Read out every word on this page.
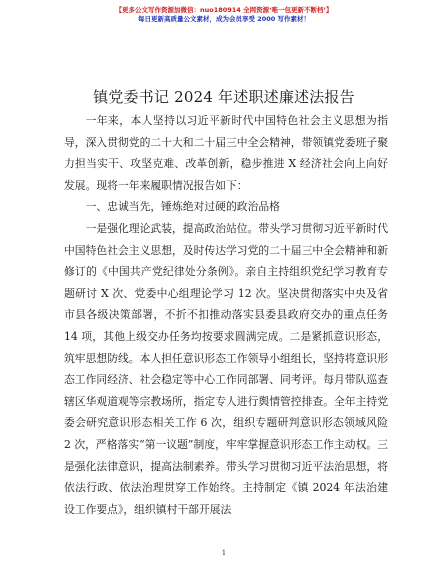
【更多公文写作资源加微信：nuo180914 全网资源‘唯一包更新不断档’】
每日更新高质量公文素材，成为会员享受 2000 写作素材！
镇党委书记 2024 年述职述廉述法报告

一年来，本人坚持以习近平新时代中国特色社会主义思想为指导，深入贯彻党的二十大和二十届三中全会精神，带领镇党委班子聚力担当实干、攻坚克难、改革创新，稳步推进 X 经济社会向上向好发展。现将一年来履职情况报告如下：

一、忠诚当先，锤炼绝对过硬的政治品格

一是强化理论武装，提高政治站位。带头学习贯彻习近平新时代中国特色社会主义思想，及时传达学习党的二十届三中全会精神和新修订的《中国共产党纪律处分条例》。亲自主持组织党纪学习教育专题研讨 X 次、党委中心组理论学习 12 次。坚决贯彻落实中央及省市县各级决策部署，不折不扣推动落实县委县政府交办的重点任务 14 项，其他上级交办任务均按要求圆满完成。二是紧抓意识形态，筑牢思想防线。本人担任意识形态工作领导小组组长，坚持将意识形态工作同经济、社会稳定等中心工作同部署、同考评。每月带队巡查辖区华观道观等宗教场所，指定专人进行舆情管控排查。全年主持党委会研究意识形态相关工作 6 次，组织专题研判意识形态领域风险 2 次，严格落实“第一议题”制度，牢牢掌握意识形态工作主动权。三是强化法律意识，提高法制素养。带头学习贯彻习近平法治思想，将依法行政、依法治理贯穿工作始终。主持制定《镇 2024 年法治建设工作要点》，组织镇村干部开展法

1
